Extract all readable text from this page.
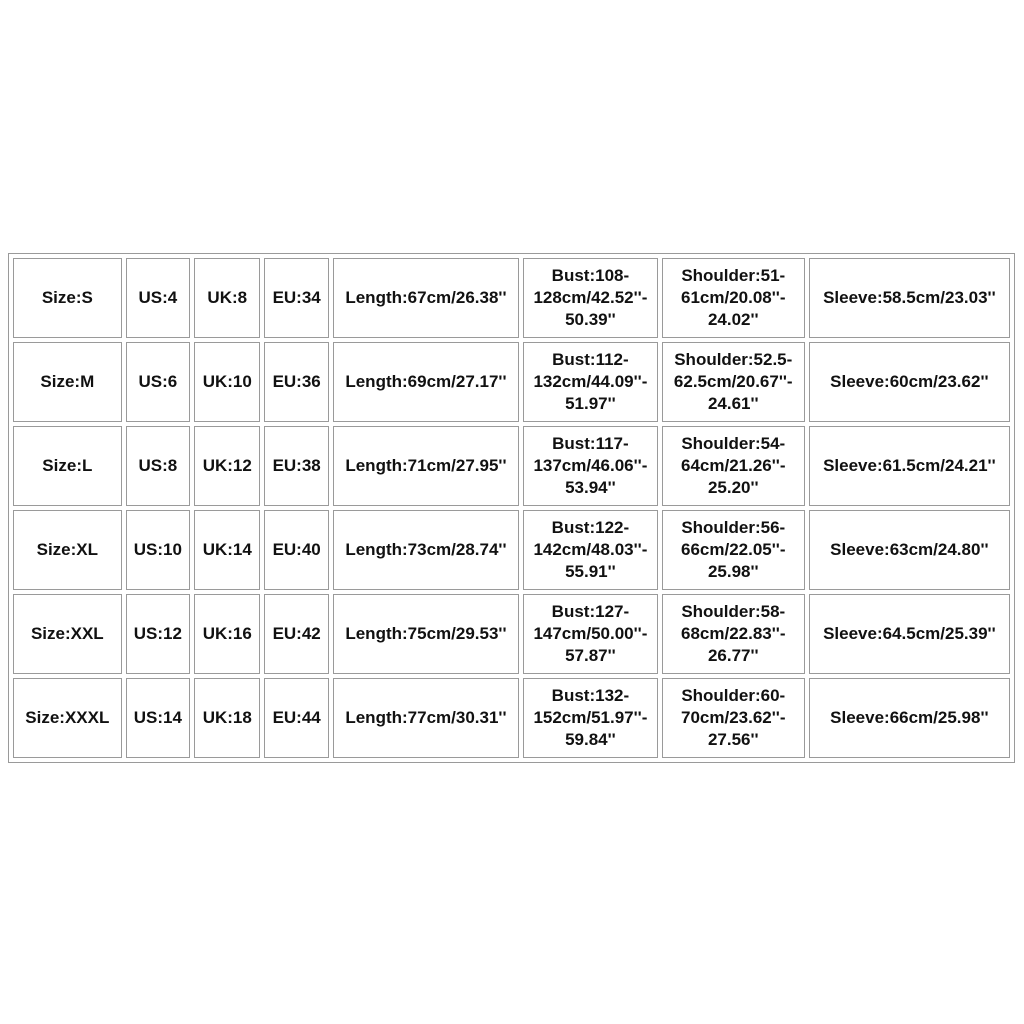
Size:S	US:4	UK:8	EU:34	Length:67cm/26.38''	Bust:108-
128cm/42.52''-
50.39''	Shoulder:51-
61cm/20.08''-
24.02''	Sleeve:58.5cm/23.03''
Size:M	US:6	UK:10	EU:36	Length:69cm/27.17''	Bust:112-
132cm/44.09''-
51.97''	Shoulder:52.5-
62.5cm/20.67''-
24.61''	Sleeve:60cm/23.62''
Size:L	US:8	UK:12	EU:38	Length:71cm/27.95''	Bust:117-
137cm/46.06''-
53.94''	Shoulder:54-
64cm/21.26''-
25.20''	Sleeve:61.5cm/24.21''
Size:XL	US:10	UK:14	EU:40	Length:73cm/28.74''	Bust:122-
142cm/48.03''-
55.91''	Shoulder:56-
66cm/22.05''-
25.98''	Sleeve:63cm/24.80''
Size:XXL	US:12	UK:16	EU:42	Length:75cm/29.53''	Bust:127-
147cm/50.00''-
57.87''	Shoulder:58-
68cm/22.83''-
26.77''	Sleeve:64.5cm/25.39''
Size:XXXL	US:14	UK:18	EU:44	Length:77cm/30.31''	Bust:132-
152cm/51.97''-
59.84''	Shoulder:60-
70cm/23.62''-
27.56''	Sleeve:66cm/25.98''
